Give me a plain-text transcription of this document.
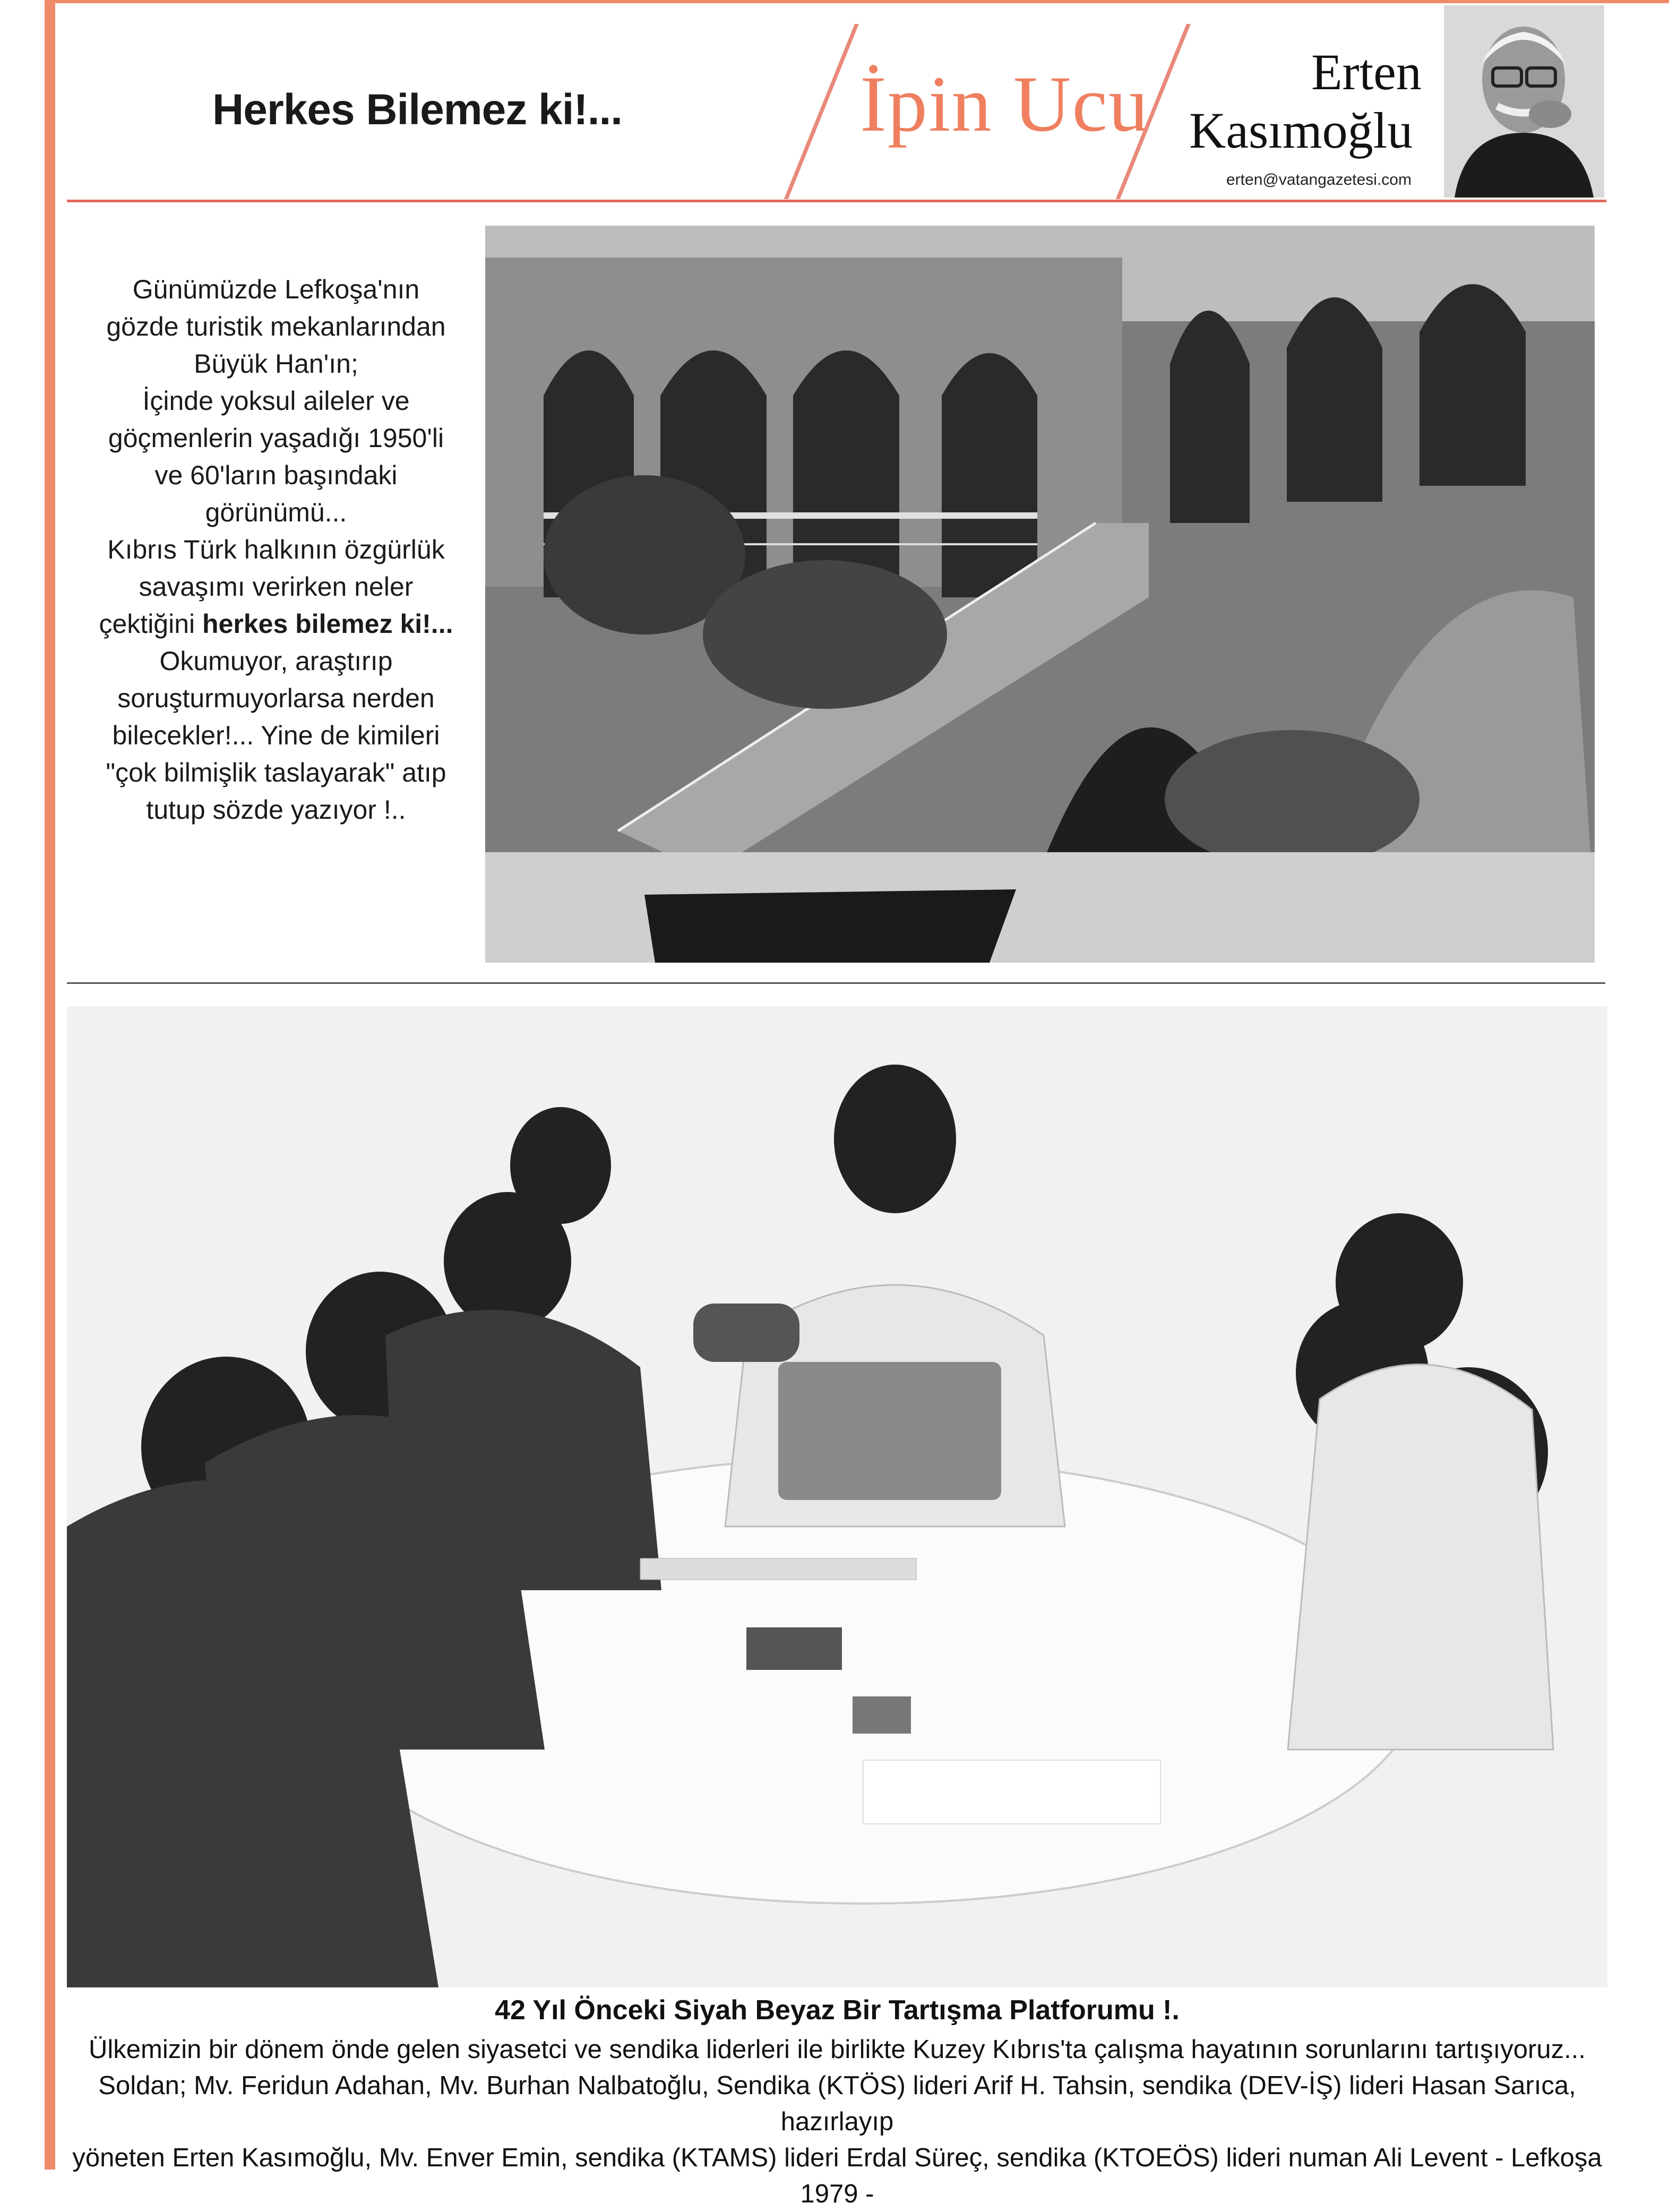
Herkes Bilemez ki!...	İpin Ucu	Erten
Kasımoğlu
erten@vatangazetesi.com
Günümüzde Lefkoşa'nın gözde turistik mekanlarından Büyük Han'ın;
İçinde yoksul aileler ve göçmenlerin yaşadığı 1950'li ve 60'ların başındaki görünümü...
Kıbrıs Türk halkının özgürlük savaşımı verirken neler çektiğini herkes bilemez ki!... Okumuyor, araştırıp soruşturmuyorlarsa nerden bilecekler!... Yine de kimileri "çok bilmişlik taslayarak" atıp tutup sözde yazıyor !..
42 Yıl Önceki Siyah Beyaz Bir Tartışma Platforumu !.
Ülkemizin bir dönem önde gelen siyasetci ve sendika liderleri ile birlikte Kuzey Kıbrıs'ta çalışma hayatının sorunlarını tartışıyoruz...
Soldan; Mv. Feridun Adahan, Mv. Burhan Nalbatoğlu, Sendika (KTÖS) lideri Arif H. Tahsin, sendika (DEV-İŞ) lideri Hasan Sarıca, hazırlayıp
yöneten Erten Kasımoğlu, Mv. Enver Emin, sendika (KTAMS) lideri Erdal Süreç, sendika (KTOEÖS) lideri numan Ali Levent - Lefkoşa 1979 -
